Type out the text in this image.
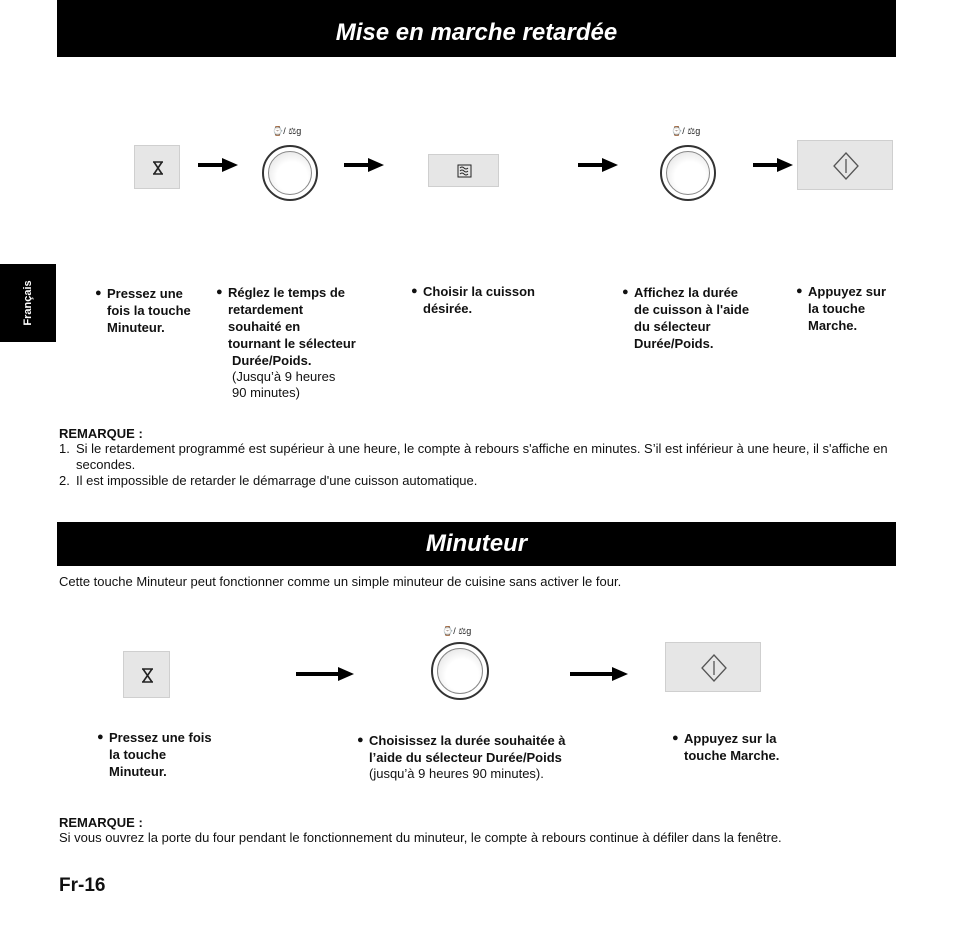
Mise en marche retardée
Français
⌚/ ⚖g	⌚/ ⚖g
● Pressez une
fois la touche
Minuteur.
● Réglez le temps de
retardement
souhaité en
tournant le sélecteur
Durée/Poids.
(Jusqu’à 9 heures
90 minutes)
● Choisir la cuisson
désirée.
● Affichez la durée
de cuisson à l'aide
du sélecteur
Durée/Poids.
● Appuyez sur
la touche
Marche.
REMARQUE :
1. Si le retardement programmé est supérieur à une heure, le compte à rebours s'affiche en minutes. S’il est inférieur à une heure, il s'affiche en secondes.
2. Il est impossible de retarder le démarrage d'une cuisson automatique.
Minuteur
Cette touche Minuteur peut fonctionner comme un simple minuteur de cuisine sans activer le four.
⌚/ ⚖g
● Pressez une fois
la touche
Minuteur.
● Choisissez la durée souhaitée à
l’aide du sélecteur Durée/Poids
(jusqu’à 9 heures 90 minutes).
● Appuyez sur la
touche Marche.
REMARQUE :
Si vous ouvrez la porte du four pendant le fonctionnement du minuteur, le compte à rebours continue à défiler dans la fenêtre.
Fr-16
